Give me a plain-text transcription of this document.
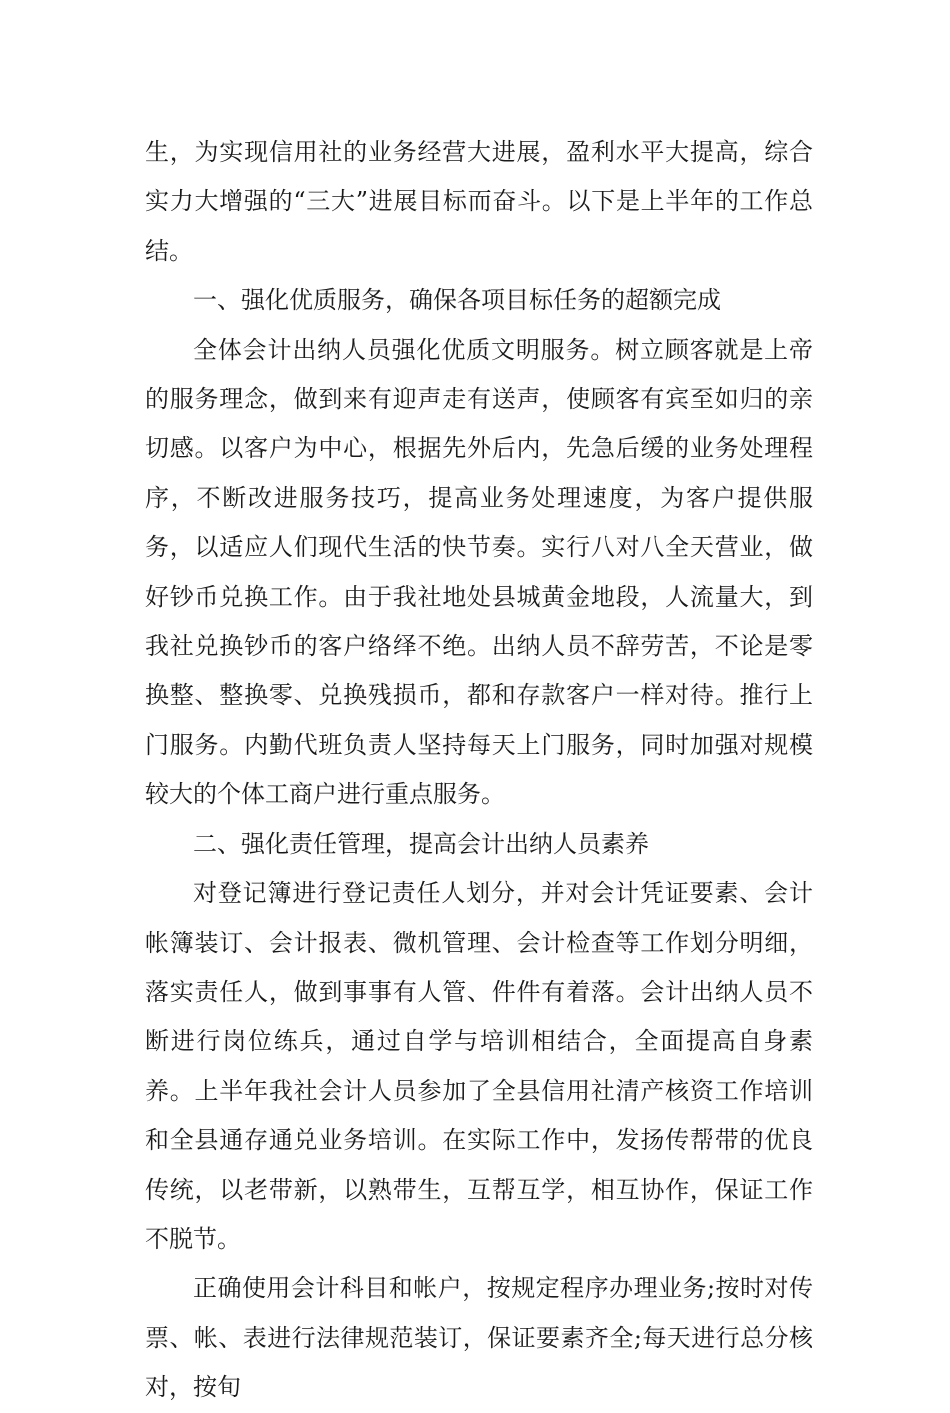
生，为实现信用社的业务经营大进展，盈利水平大提高，综合实力大增强的“三大”进展目标而奋斗。以下是上半年的工作总结。

一、强化优质服务，确保各项目标任务的超额完成

全体会计出纳人员强化优质文明服务。树立顾客就是上帝的服务理念，做到来有迎声走有送声，使顾客有宾至如归的亲切感。以客户为中心，根据先外后内，先急后缓的业务处理程序，不断改进服务技巧，提高业务处理速度，为客户提供服务，以适应人们现代生活的快节奏。实行八对八全天营业，做好钞币兑换工作。由于我社地处县城黄金地段，人流量大，到我社兑换钞币的客户络绎不绝。出纳人员不辞劳苦，不论是零换整、整换零、兑换残损币，都和存款客户一样对待。推行上门服务。内勤代班负责人坚持每天上门服务，同时加强对规模较大的个体工商户进行重点服务。

二、强化责任管理，提高会计出纳人员素养

对登记簿进行登记责任人划分，并对会计凭证要素、会计帐簿装订、会计报表、微机管理、会计检查等工作划分明细，落实责任人，做到事事有人管、件件有着落。会计出纳人员不断进行岗位练兵，通过自学与培训相结合，全面提高自身素养。上半年我社会计人员参加了全县信用社清产核资工作培训和全县通存通兑业务培训。在实际工作中，发扬传帮带的优良传统，以老带新，以熟带生，互帮互学，相互协作，保证工作不脱节。

正确使用会计科目和帐户，按规定程序办理业务;按时对传票、帐、表进行法律规范装订，保证要素齐全;每天进行总分核对，按旬
